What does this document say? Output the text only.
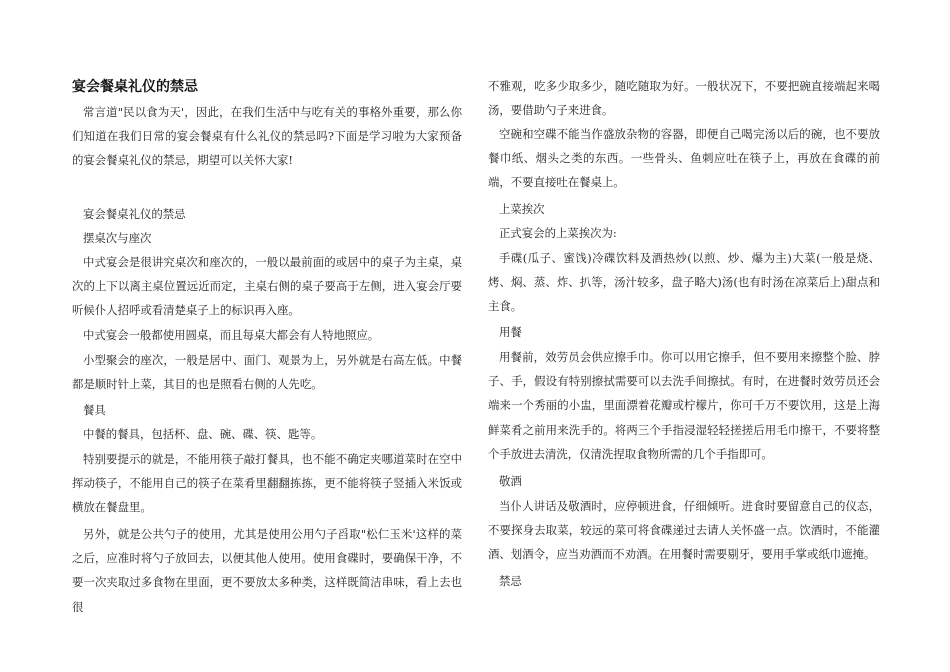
宴会餐桌礼仪的禁忌
常言道"民以食为天'，因此，在我们生活中与吃有关的事格外重要，那么你们知道在我们日常的宴会餐桌有什么礼仪的禁忌吗?下面是学习啦为大家预备的宴会餐桌礼仪的禁忌，期望可以关怀大家!
宴会餐桌礼仪的禁忌
摆桌次与座次
中式宴会是很讲究桌次和座次的，一般以最前面的或居中的桌子为主桌，桌次的上下以离主桌位置远近而定，主桌右侧的桌子要高于左侧，进入宴会厅要听候仆人招呼或看清楚桌子上的标识再入座。
中式宴会一般都使用圆桌，而且每桌大都会有人特地照应。
小型聚会的座次，一般是居中、面门、观景为上，另外就是右高左低。中餐都是顺时针上菜，其目的也是照看右侧的人先吃。
餐具
中餐的餐具，包括杯、盘、碗、碟、筷、匙等。
特别要提示的就是，不能用筷子敲打餐具，也不能不确定夹哪道菜时在空中挥动筷子，不能用自己的筷子在菜肴里翻翻拣拣，更不能将筷子竖插入米饭或横放在餐盘里。
另外，就是公共勺子的使用，尤其是使用公用勺子舀取"松仁玉米'这样的菜之后，应准时将勺子放回去，以便其他人使用。使用食碟时，要确保干净，不要一次夹取过多食物在里面，更不要放太多种类，这样既简洁串味，看上去也很
不雅观，吃多少取多少，随吃随取为好。一般状况下，不要把碗直接端起来喝汤，要借助勺子来进食。
空碗和空碟不能当作盛放杂物的容器，即便自己喝完汤以后的碗，也不要放餐巾纸、烟头之类的东西。一些骨头、鱼刺应吐在筷子上，再放在食碟的前端，不要直接吐在餐桌上。
上菜挨次
正式宴会的上菜挨次为:
手碟(瓜子、蜜饯)冷碟饮料及酒热炒(以煎、炒、爆为主)大菜(一般是烧、烤、焖、蒸、炸、扒等，汤汁较多，盘子略大)汤(也有时汤在凉菜后上)甜点和主食。
用餐
用餐前，效劳员会供应擦手巾。你可以用它擦手，但不要用来擦整个脸、脖子、手，假设有特别擦拭需要可以去洗手间擦拭。有时，在进餐时效劳员还会端来一个秀丽的小盅，里面漂着花瓣或柠檬片，你可千万不要饮用，这是上海鲜菜肴之前用来洗手的。将两三个手指浸湿轻轻搓搓后用毛巾擦干，不要将整个手放进去清洗，仅清洗捏取食物所需的几个手指即可。
敬酒
当仆人讲话及敬酒时，应停顿进食，仔细倾听。进食时要留意自己的仪态，不要探身去取菜，较远的菜可将食碟递过去请人关怀盛一点。饮酒时，不能灌酒、划酒令，应当劝酒而不劝酒。在用餐时需要剔牙，要用手掌或纸巾遮掩。
禁忌
